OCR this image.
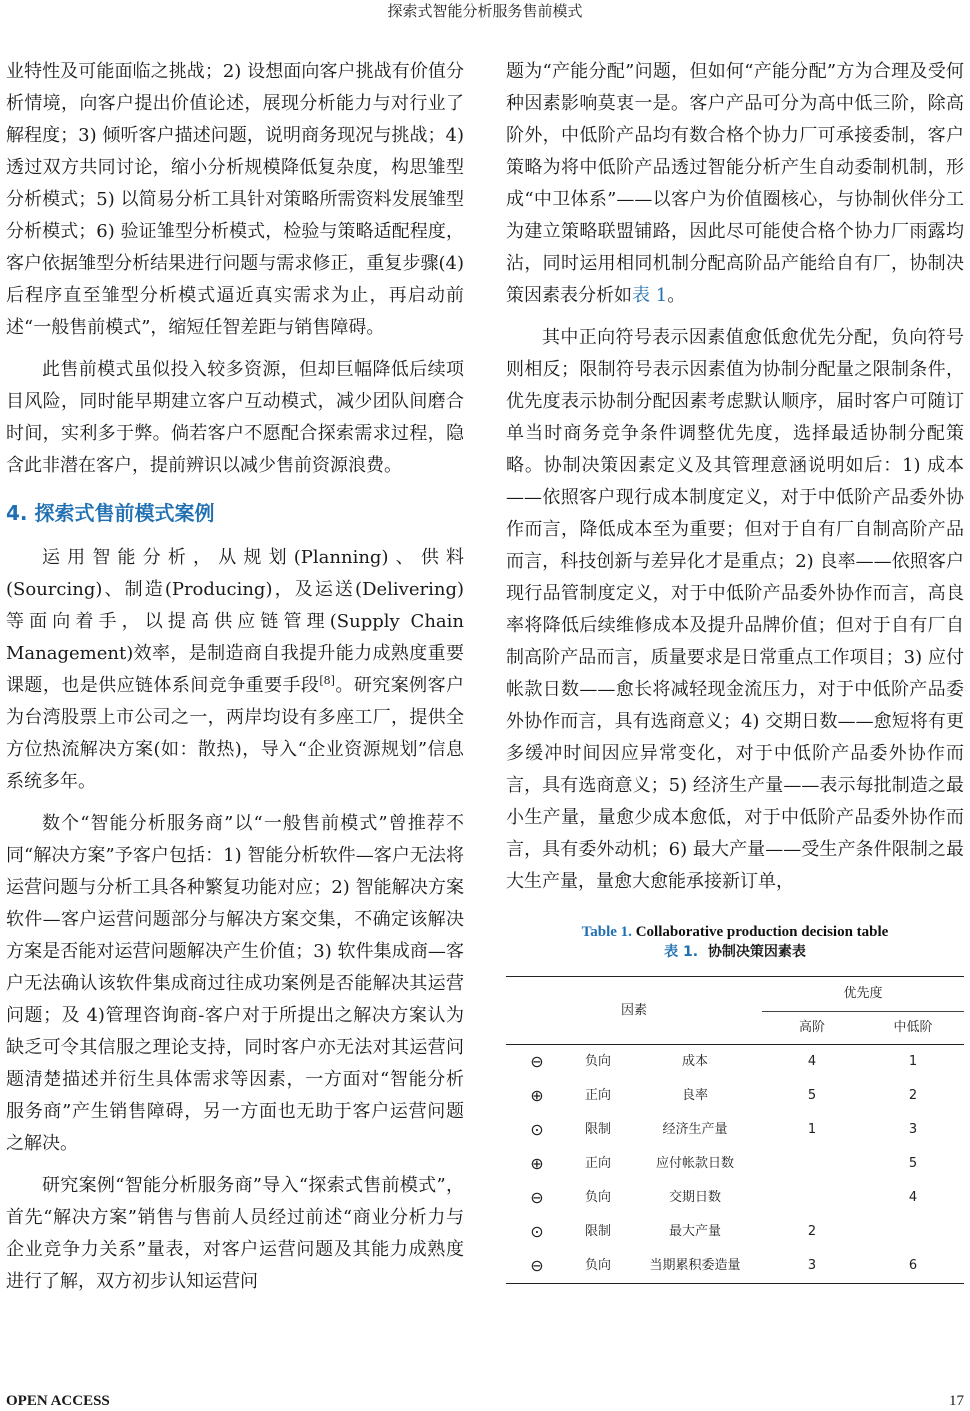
探索式智能分析服务售前模式

业特性及可能面临之挑战；2) 设想面向客户挑战有价值分析情境，向客户提出价值论述，展现分析能力与对行业了解程度；3) 倾听客户描述问题，说明商务现况与挑战；4) 透过双方共同讨论，缩小分析规模降低复杂度，构思雏型分析模式；5) 以简易分析工具针对策略所需资料发展雏型分析模式；6) 验证雏型分析模式，检验与策略适配程度，客户依据雏型分析结果进行问题与需求修正，重复步骤(4)后程序直至雏型分析模式逼近真实需求为止，再启动前述“一般售前模式”，缩短任智差距与销售障碍。

此售前模式虽似投入较多资源，但却巨幅降低后续项目风险，同时能早期建立客户互动模式，减少团队间磨合时间，实利多于弊。倘若客户不愿配合探索需求过程，隐含此非潜在客户，提前辨识以减少售前资源浪费。

4. 探索式售前模式案例

运用智能分析，从规划(Planning)、供料(Sourcing)、制造(Producing)，及运送(Delivering) 等面向着手，以提高供应链管理(Supply Chain Management)效率，是制造商自我提升能力成熟度重要课题，也是供应链体系间竞争重要手段[8]。研究案例客户为台湾股票上市公司之一，两岸均设有多座工厂，提供全方位热流解决方案(如：散热)，导入“企业资源规划”信息系统多年。

数个“智能分析服务商”以“一般售前模式”曾推荐不同“解决方案”予客户包括：1) 智能分析软件—客户无法将运营问题与分析工具各种繁复功能对应；2) 智能解决方案软件—客户运营问题部分与解决方案交集，不确定该解决方案是否能对运营问题解决产生价值；3) 软件集成商—客户无法确认该软件集成商过往成功案例是否能解决其运营问题；及 4)管理咨询商-客户对于所提出之解决方案认为缺乏可令其信服之理论支持，同时客户亦无法对其运营问题清楚描述并衍生具体需求等因素，一方面对“智能分析服务商”产生销售障碍，另一方面也无助于客户运营问题之解决。

研究案例“智能分析服务商”导入“探索式售前模式”，首先“解决方案”销售与售前人员经过前述“商业分析力与企业竞争力关系”量表，对客户运营问题及其能力成熟度进行了解，双方初步认知运营问

题为“产能分配”问题，但如何“产能分配”方为合理及受何种因素影响莫衷一是。客户产品可分为高中低三阶，除高阶外，中低阶产品均有数合格个协力厂可承接委制，客户策略为将中低阶产品透过智能分析产生自动委制机制，形成“中卫体系”——以客户为价值圈核心，与协制伙伴分工为建立策略联盟铺路，因此尽可能使合格个协力厂雨露均沾，同时运用相同机制分配高阶品产能给自有厂，协制决策因素表分析如表 1。

其中正向符号表示因素值愈低愈优先分配，负向符号则相反；限制符号表示因素值为协制分配量之限制条件，优先度表示协制分配因素考虑默认顺序，届时客户可随订单当时商务竞争条件调整优先度，选择最适协制分配策略。协制决策因素定义及其管理意涵说明如后：1) 成本——依照客户现行成本制度定义，对于中低阶产品委外协作而言，降低成本至为重要；但对于自有厂自制高阶产品而言，科技创新与差异化才是重点；2) 良率——依照客户现行品管制度定义，对于中低阶产品委外协作而言，高良率将降低后续维修成本及提升品牌价值；但对于自有厂自制高阶产品而言，质量要求是日常重点工作项目；3) 应付帐款日数——愈长将减轻现金流压力，对于中低阶产品委外协作而言，具有选商意义；4) 交期日数——愈短将有更多缓冲时间因应异常变化，对于中低阶产品委外协作而言，具有选商意义；5) 经济生产量——表示每批制造之最小生产量，量愈少成本愈低，对于中低阶产品委外协作而言，具有委外动机；6) 最大产量——受生产条件限制之最大生产量，量愈大愈能承接新订单，

Table 1. Collaborative production decision table
表 1. 协制决策因素表
因素			优先度	
			高阶	中低阶
⊖	负向	成本	4	1
⊕	正向	良率	5	2
⊙	限制	经济生产量	1	3
⊕	正向	应付帐款日数		5
⊖	负向	交期日数		4
⊙	限制	最大产量	2	
⊖	负向	当期累积委造量	3	6
OPEN ACCESS	17
